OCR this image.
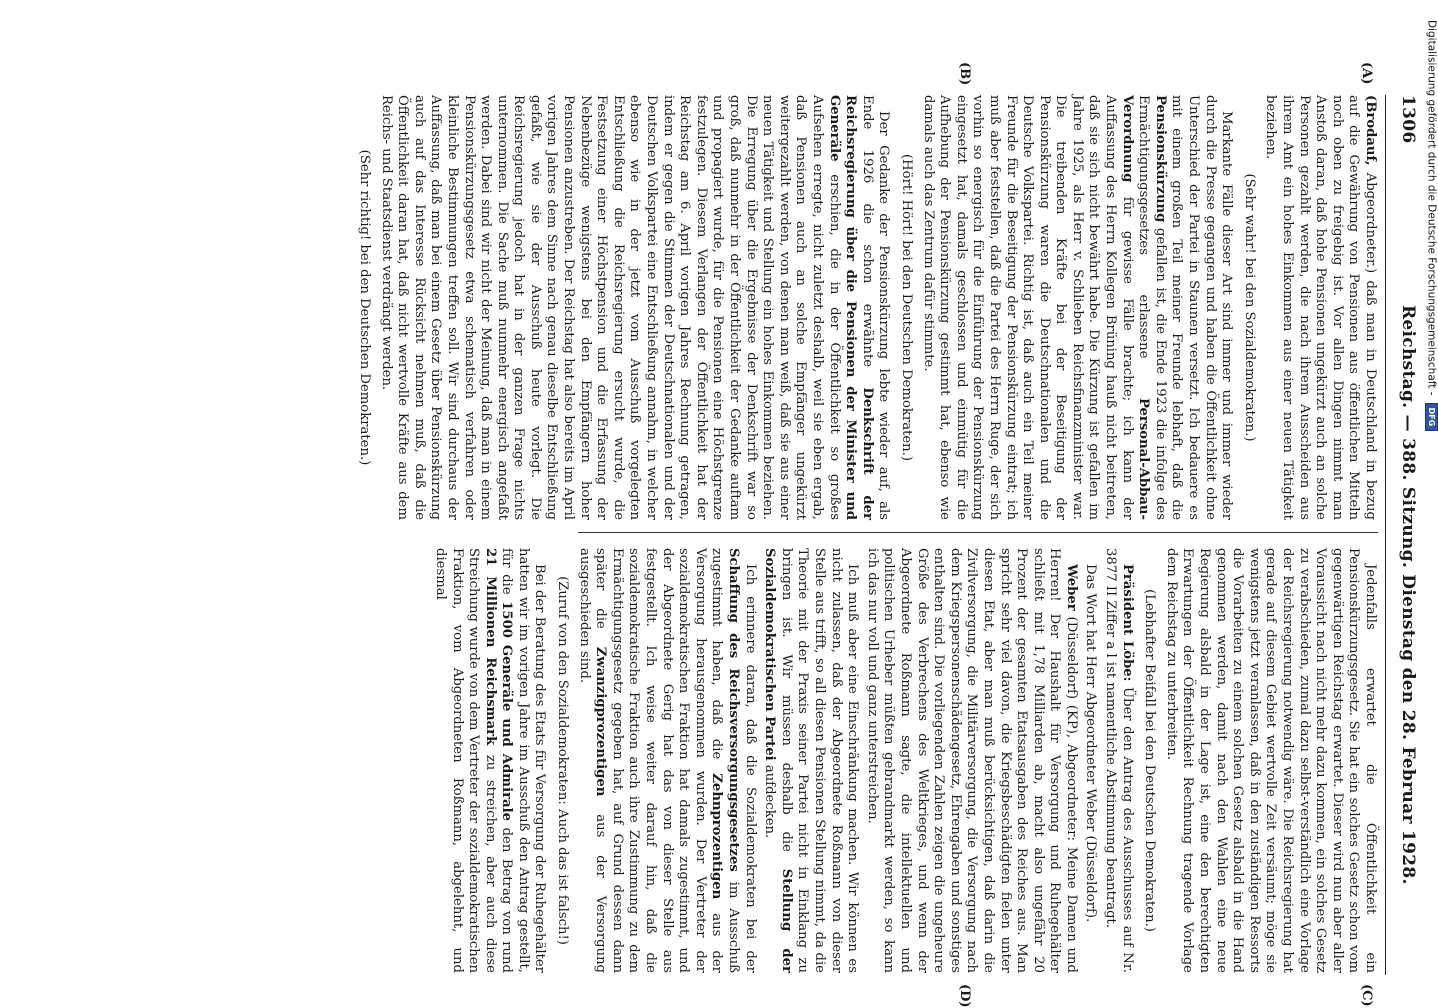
1306
Reichstag. — 388. Sitzung. Dienstag den 28. Februar 1928.
(A)
(B)
(C)
(D)

(Brodauf, Abgeordneter.) daß man in Deutschland in bezug auf die Gewährung von Pensionen aus öffentlichen Mitteln noch oben zu freigebig ist. Vor allen Dingen nimmt man Anstoß daran, daß hohe Pensionen ungekürzt auch an solche Personen gezahlt werden, die nach ihrem Ausscheiden aus ihrem Amt ein hohes Einkommen aus einer neuen Tätigkeit beziehen.

(Sehr wahr! bei den Sozialdemokraten.)

Markante Fälle dieser Art sind immer und immer wieder durch die Presse gegangen und haben die Öffentlichkeit ohne Unterschied der Partei in Staunen versetzt. Ich bedauere es mit einem großen Teil meiner Freunde lebhaft, daß die Pensionskürzung gefallen ist, die Ende 1923 die infolge des Ermächtigungsgesetzes erlassene Personal-Abbau-Verordnung für gewisse Fälle brachte; ich kann der Auffassung des Herrn Kollegen Brüning hauß nicht beitreten, daß sie sich nicht bewährt habe. Die Kürzung ist gefallen im Jahre 1925, als Herr v. Schlieben Reichsfinanzminister war. Die treibenden Kräfte bei der Beseitigung der Pensionskürzung waren die Deutschnationalen und die Deutsche Volkspartei. Richtig ist, daß auch ein Teil meiner Freunde für die Beseitigung der Pensionskürzung eintrat; ich muß aber feststellen, daß die Partei des Herrn Ruge, der sich vorhin so energisch für die Einführung der Pensionskürzung eingesetzt hat, damals geschlossen und einmütig für die Aufhebung der Pensionskürzung gestimmt hat, ebenso wie damals auch das Zentrum dafür stimmte.

(Hört! Hört! bei den Deutschen Demokraten.)

Der Gedanke der Pensionskürzung lebte wieder auf, als Ende 1926 die schon erwähnte Denkschrift der Reichsregierung über die Pensionen der Minister und Generäle erschien, die in der Öffentlichkeit so großes Aufsehen erregte, nicht zuletzt deshalb, weil sie eben ergab, daß Pensionen auch an solche Empfänger ungekürzt weitergezahlt werden, von denen man weiß, daß sie aus einer neuen Tätigkeit und Stellung ein hohes Einkommen beziehen. Die Erregung über die Ergebnisse der Denkschrift war so groß, daß nunmehr in der Öffentlichkeit der Gedanke auftam und propagiert wurde, für die Pensionen eine Höchstgrenze festzulegen. Diesem Verlangen der Öffentlichkeit hat der Reichstag am 6. April vorigen Jahres Rechnung getragen, indem er gegen die Stimmen der Deutschnationalen und der Deutschen Volkspartei eine Entschließung annahm, in welcher ebenso wie in der jetzt vom Ausschuß vorgelegten Entschließung die Reichsregierung ersucht wurde, die Festsetzung einer Höchstpension und die Erfassung der Nebenbezüge wenigstens bei den Empfängern hoher Pensionen anzustreben. Der Reichstag hat also bereits im April vorigen Jahres dem Sinne nach genau dieselbe Entschließung gefaßt, wie sie der Ausschuß heute vorlegt. Die Reichsregierung jedoch hat in der ganzen Frage nichts unternommen. Die Sache muß nunmehr energisch angefaßt werden. Dabei sind wir nicht der Meinung, daß man in einem Pensionskürzungsgesetz etwa schematisch verfahren oder kleinliche Bestimmungen treffen soll. Wir sind durchaus der Auffassung, daß man bei einem Gesetz über Pensionskürzung auch auf das Interesse Rücksicht nehmen muß, daß die Öffentlichkeit daran hat, daß nicht wertvolle Kräfte aus dem Reichs- und Staatsdienst verdrängt werden.

(Sehr richtig! bei den Deutschen Demokraten.)

Jedenfalls erwartet die Öffentlichkeit ein Pensionskürzungsgesetz. Sie hat ein solches Gesetz schon vom gegenwärtigen Reichstag erwartet. Dieser wird nun aber aller Voraussicht nach nicht mehr dazu kommen, ein solches Gesetz zu verabschieden, zumal dazu selbst-verständlich eine Vorlage der Reichsregierung notwendig wäre. Die Reichsregierung hat gerade auf diesem Gebiet wertvolle Zeit versäumt; möge sie wenigstens jetzt veranlassen, daß in den zuständigen Ressorts die Vorarbeiten zu einem solchen Gesetz alsbald in die Hand genommen werden, damit nach den Wahlen eine neue Regierung alsbald in der Lage ist, eine den berechtigten Erwartungen der Öffentlichkeit Rechnung tragende Vorlage dem Reichstag zu unterbreiten.

(Lebhafter Beifall bei den Deutschen Demokraten.)

Präsident Löbe: Über den Antrag des Ausschusses auf Nr. 3877 II Ziffer a l ist namentliche Abstimmung beantragt.

Das Wort hat Herr Abgeordneter Weber (Düsseldorf).

Weber (Düsseldorf) (KP), Abgeordneter: Meine Damen und Herren! Der Haushalt für Versorgung und Ruhegehälter schließt mit 1,78 Milliarden ab, macht also ungefähr 20 Prozent der gesamten Etatsausgaben des Reiches aus. Man spricht sehr viel davon, die Kriegsbeschädigten fielen unter diesen Etat, aber man muß berücksichtigen, daß darin die Zivilversorgung, die Militärversorgung, die Versorgung nach dem Kriegspersonenschädengesetz, Ehrengaben und sonstiges enthalten sind. Die vorliegenden Zahlen zeigen die ungeheure Größe des Verbrechens des Weltkrieges, und wenn der Abgeordnete Roßmann sagte, die intellektuellen und politischen Urheber müßten gebrandmarkt werden, so kann ich das nur voll und ganz unterstreichen.

Ich muß aber eine Einschränkung machen. Wir können es nicht zulassen, daß der Abgeordnete Roßmann von dieser Stelle aus trifft, so all diesen Pensionen Stellung nimmt, da die Theorie mit der Praxis seiner Partei nicht in Einklang zu bringen ist. Wir müssen deshalb die Stellung der Sozialdemokratischen Partei aufdecken.

Ich erinnere daran, daß die Sozialdemokraten bei der Schaffung des Reichsversorgungsgesetzes im Ausschuß zugestimmt haben, daß die Zehnprozentigen aus der Versorgung herausgenommen wurden. Der Vertreter der sozialdemokratischen Fraktion hat damals zugestimmt, und der Abgeordnete Gerig hat das von dieser Stelle aus festgestellt. Ich weise weiter darauf hin, daß die sozialdemokratische Fraktion auch ihre Zustimmung zu dem Ermächtigungsgesetz gegeben hat, auf Grund dessen dann später die Zwanzigprozentigen aus der Versorgung ausgeschieden sind.

(Zuruf von den Sozialdemokraten: Auch das ist falsch!)

Bei der Beratung des Etats für Versorgung der Ruhegehälter hatten wir im vorigen Jahre im Ausschuß den Antrag gestellt, für die 1500 Generäle und Admirale den Betrag von rund 21 Millionen Reichsmark zu streichen, aber auch diese Streichung wurde von dem Vertreter der sozialdemokratischen Fraktion, vom Abgeordneten Roßmann, abgelehnt, und diesmal

Digitalisierung gefördert durch die Deutsche Forschungsgemeinschaft - DFG
